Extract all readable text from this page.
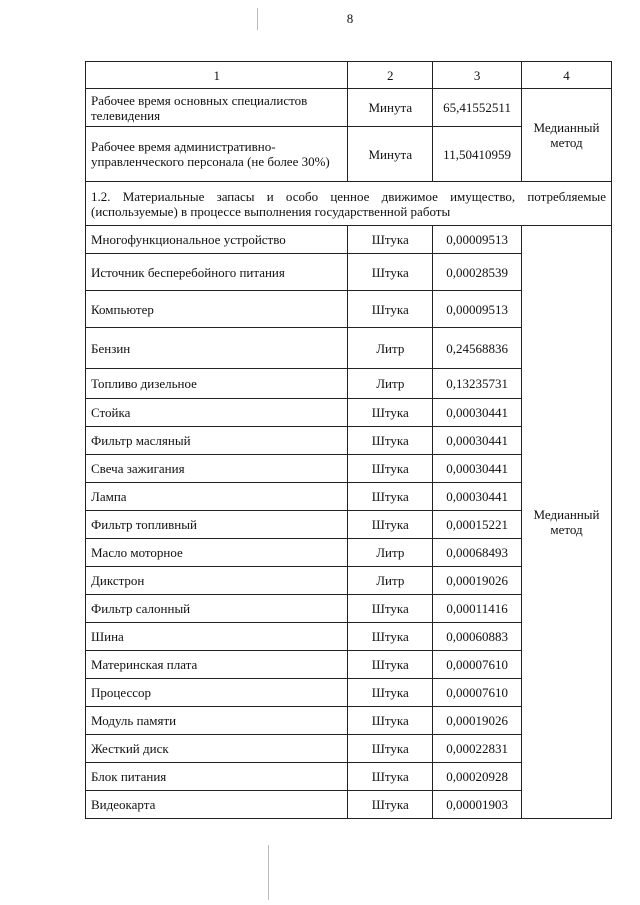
8
1	2	3	4
Рабочее время основных специалистов телевидения	Минута	65,41552511	Медианный метод
Рабочее время административно-управленческого персонала (не более 30%)	Минута	11,50410959	
1.2. Материальные запасы и особо ценное движимое имущество, потребляемые (используемые) в процессе выполнения государственной работы			
Многофункциональное устройство	Штука	0,00009513	Медианный метод
Источник бесперебойного питания	Штука	0,00028539	
Компьютер	Штука	0,00009513	
Бензин	Литр	0,24568836	
Топливо дизельное	Литр	0,13235731	
Стойка	Штука	0,00030441	
Фильтр масляный	Штука	0,00030441	
Свеча зажигания	Штука	0,00030441	
Лампа	Штука	0,00030441	
Фильтр топливный	Штука	0,00015221	
Масло моторное	Литр	0,00068493	
Дикстрон	Литр	0,00019026	
Фильтр салонный	Штука	0,00011416	
Шина	Штука	0,00060883	
Материнская плата	Штука	0,00007610	
Процессор	Штука	0,00007610	
Модуль памяти	Штука	0,00019026	
Жесткий диск	Штука	0,00022831	
Блок питания	Штука	0,00020928	
Видеокарта	Штука	0,00001903	
